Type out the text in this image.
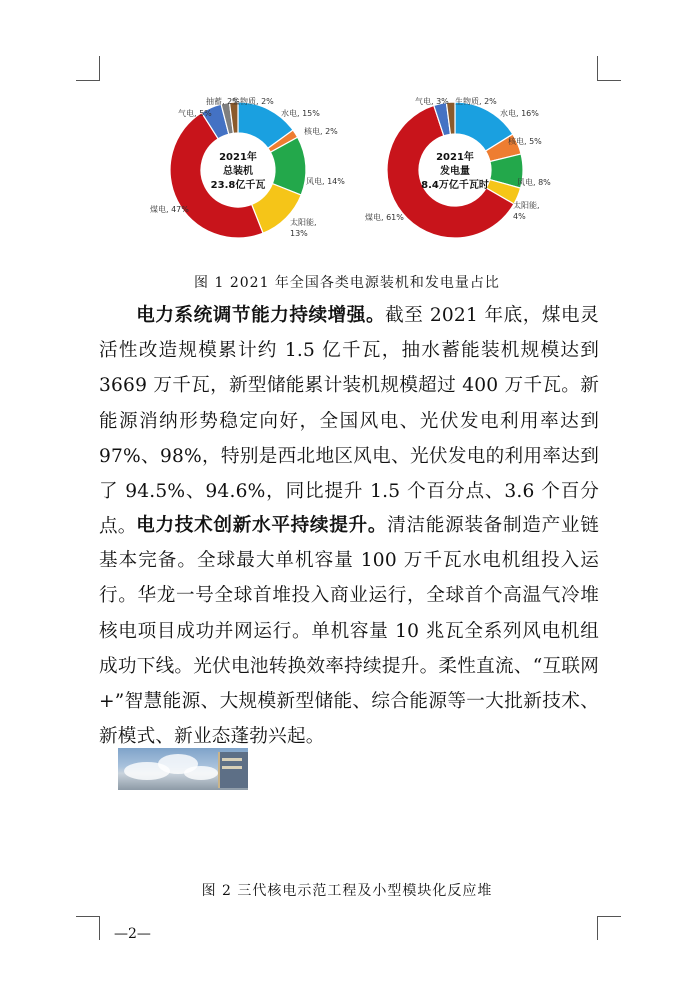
水电, 15%
核电, 2%
风电, 14%
太阳能,
13%
煤电, 47%
气电, 5%
抽蓄, 2%
生物质, 2%
2021年
总装机
23.8亿千瓦
水电, 16%
核电, 5%
风电, 8%
太阳能,
4%
煤电, 61%
气电, 3% 生物质, 2%
2021年
发电量
8.4万亿千瓦时
图 1 2021 年全国各类电源装机和发电量占比

电力系统调节能力持续增强。截至 2021 年底，煤电灵活性改造规模累计约 1.5 亿千瓦，抽水蓄能装机规模达到 3669 万千瓦，新型储能累计装机规模超过 400 万千瓦。新能源消纳形势稳定向好，全国风电、光伏发电利用率达到 97%、98%，特别是西北地区风电、光伏发电的利用率达到了 94.5%、94.6%，同比提升 1.5 个百分点、3.6 个百分点。 电力技术创新水平持续提升。清洁能源装备制造产业链基本完备。全球最大单机容量 100 万千瓦水电机组投入运行。华龙一号全球首堆投入商业运行，全球首个高温气冷堆核电项目成功并网运行。单机容量 10 兆瓦全系列风电机组成功下线。光伏电池转换效率持续提升。柔性直流、“互联网+”智慧能源、大规模新型储能、综合能源等一大批新技术、新模式、新业态蓬勃兴起。

图 2 三代核电示范工程及小型模块化反应堆
—2—
